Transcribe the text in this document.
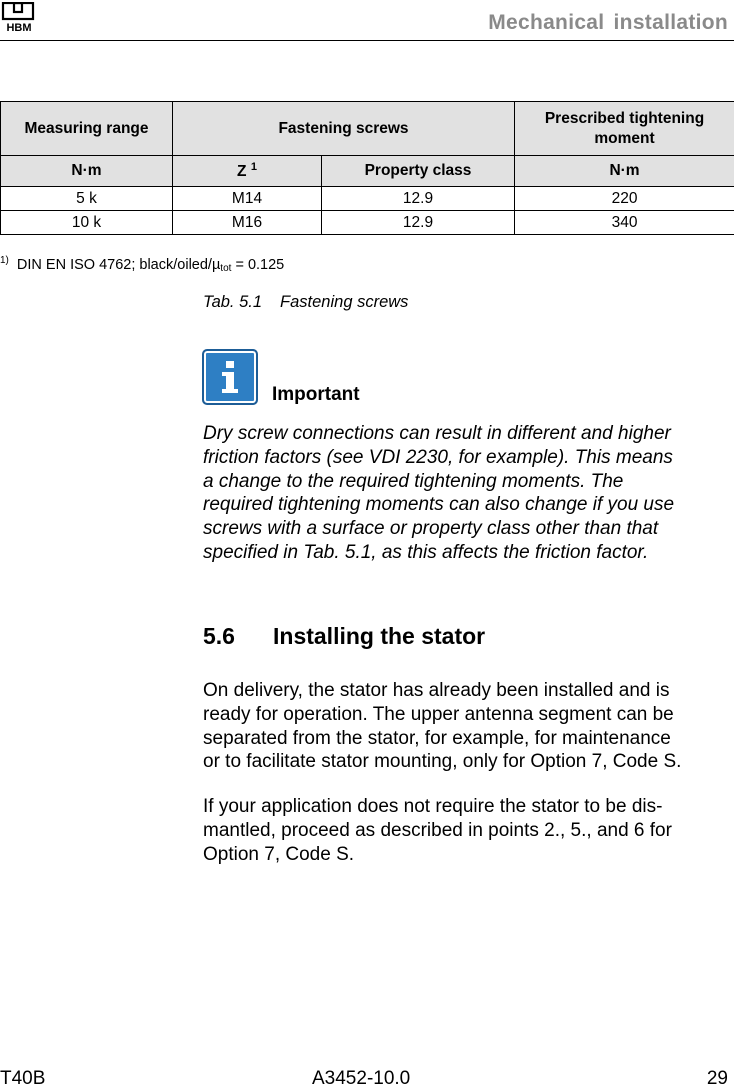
HBM	Mechanical installation
Measuring range	Fastening screws		Prescribed tightening moment
N·m	Z $^1$	Property class	N·m
5 k	M14	12.9	220
10 k	M16	12.9	340
$^{1)}$ DIN EN ISO 4762; black/oiled/µ$_{tot}$ = 0.125
Tab. 5.1 Fastening screws
Important
Dry screw connections can result in different and higher
friction factors (see VDI 2230, for example). This means
a change to the required tightening moments. The
required tightening moments can also change if you use
screws with a surface or property class other than that
specified in Tab. 5.1, as this affects the friction factor.
5.6 Installing the stator
On delivery, the stator has already been installed and is
ready for operation. The upper antenna segment can be
separated from the stator, for example, for maintenance
or to facilitate stator mounting, only for Option 7, Code S.
If your application does not require the stator to be dis-
mantled, proceed as described in points 2., 5., and 6 for
Option 7, Code S.
T40B	A3452-10.0	29
